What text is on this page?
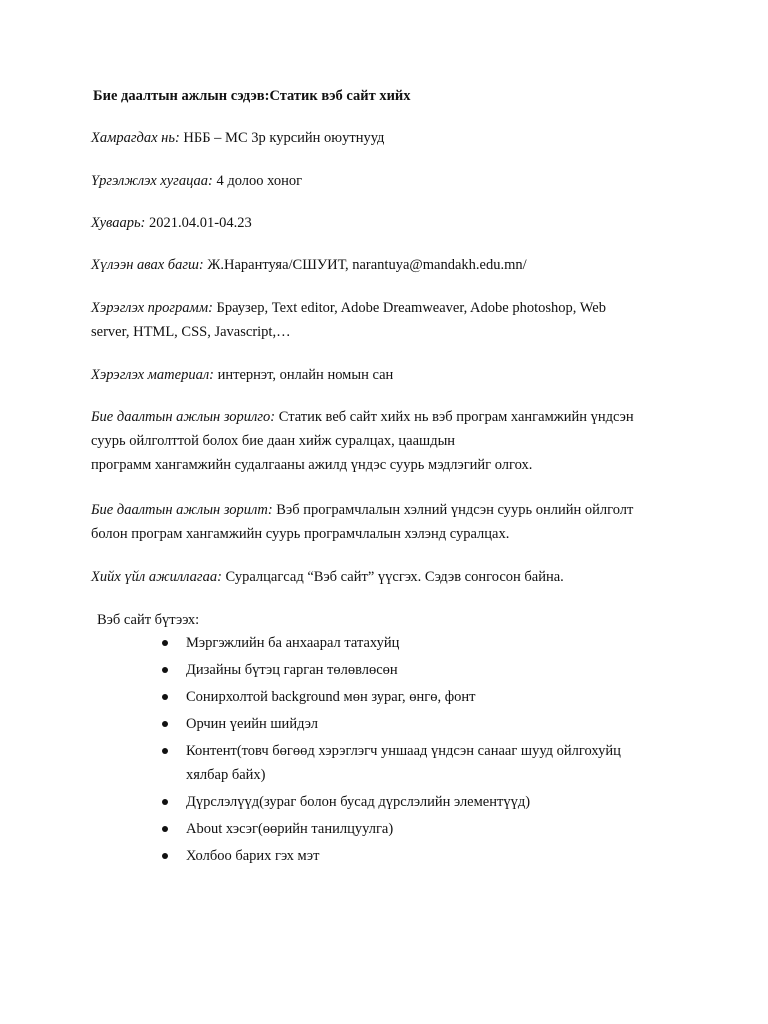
Бие даалтын ажлын сэдэв:Статик вэб сайт хийх
Хамрагдах нь: НББ – МС 3р курсийн оюутнууд
Үргэлжлэх хугацаа: 4 долоо хоног
Хуваарь: 2021.04.01-04.23
Хүлээн авах багш: Ж.Нарантуяа/СШУИТ, narantuya@mandakh.edu.mn/
Хэрэглэх программ: Браузер, Text editor, Adobe Dreamweaver, Adobe photoshop, Web
server, HTML, CSS, Javascript,…
Хэрэглэх материал: интернэт, онлайн номын сан
Бие даалтын ажлын зорилго: Статик веб сайт хийх нь вэб програм хангамжийн үндсэн
суурь ойлголттой болох бие даан хийж суралцах, цаашдын
программ хангамжийн судалгааны ажилд үндэс суурь мэдлэгийг олгох.
Бие даалтын ажлын зорилт: Вэб програмчлалын хэлний үндсэн суурь онлийн ойлголт
болон програм хангамжийн суурь програмчлалын хэлэнд суралцах.
Хийх үйл ажиллагаа: Суралцагсад “Вэб сайт” үүсгэх. Сэдэв сонгосон байна.
Вэб сайт бүтээх:
Мэргэжлийн ба анхаарал татахуйц
Дизайны бүтэц гарган төлөвлөсөн
Сонирхолтой background мөн зураг, өнгө, фонт
Орчин үеийн шийдэл
Контент(товч бөгөөд хэрэглэгч уншаад үндсэн санааг шууд ойлгохуйц
хялбар байх)
Дүрслэлүүд(зураг болон бусад дүрслэлийн элементүүд)
About хэсэг(өөрийн танилцуулга)
Холбоо барих гэх мэт
